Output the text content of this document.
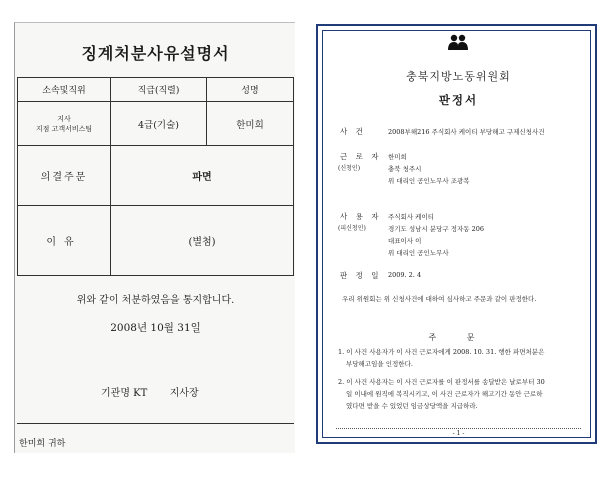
징계처분사유설명서
소속및직위	직급(직렬)	성명

지사
지점 고객서비스팀	4급(기술)	한미희
의결주문	파면	
이유	(별첨)	
위와 같이 처분하였음을 통지합니다.
2008년 10월 31일
기관명 KT 지사장
한미희 귀하
충북지방노동위원회
판정서
사 건	2008부해216 주식회사 케이티 부당해고 구제신청사건
근 로 자
(신청인)
한미희
충북 청주시
위 대리인 공인노무사 조광복
사 용 자
(피신청인)
주식회사 케이티
경기도 성남시 분당구 정자동 206
대표이사 이
위 대리인 공인노무사
판 정 일 2009. 2. 4
우리 위원회는 위 신청사건에 대하여 심사하고 주문과 같이 판정한다.
주 문
1. 이 사건 사용자가 이 사건 근로자에게 2008. 10. 31. 행한 파면처분은
부당해고임을 인정한다.
2. 이 사건 사용자는 이 사건 근로자를 이 판정서를 송달받은 날로부터 30
일 이내에 원직에 복직시키고, 이 사건 근로자가 해고기간 동안 근로하
였다면 받을 수 있었던 임금상당액을 지급하라.
- 1 -
